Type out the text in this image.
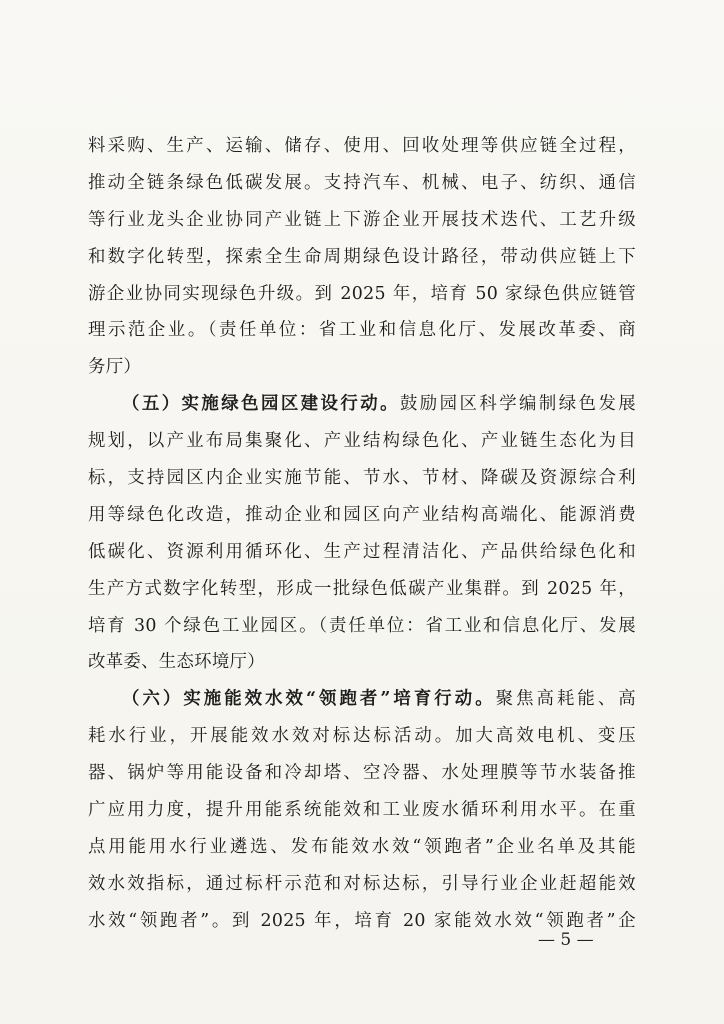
料采购、生产、运输、储存、使用、回收处理等供应链全过程，
推动全链条绿色低碳发展。支持汽车、机械、电子、纺织、通信
等行业龙头企业协同产业链上下游企业开展技术迭代、工艺升级
和数字化转型，探索全生命周期绿色设计路径，带动供应链上下
游企业协同实现绿色升级。到 2025 年，培育 50 家绿色供应链管
理示范企业。（责任单位：省工业和信息化厅、发展改革委、商
务厅）
（五）实施绿色园区建设行动。鼓励园区科学编制绿色发展
规划，以产业布局集聚化、产业结构绿色化、产业链生态化为目
标，支持园区内企业实施节能、节水、节材、降碳及资源综合利
用等绿色化改造，推动企业和园区向产业结构高端化、能源消费
低碳化、资源利用循环化、生产过程清洁化、产品供给绿色化和
生产方式数字化转型，形成一批绿色低碳产业集群。到 2025 年，
培育 30 个绿色工业园区。（责任单位：省工业和信息化厅、发展
改革委、生态环境厅）
（六）实施能效水效“领跑者”培育行动。聚焦高耗能、高
耗水行业，开展能效水效对标达标活动。加大高效电机、变压
器、锅炉等用能设备和冷却塔、空冷器、水处理膜等节水装备推
广应用力度，提升用能系统能效和工业废水循环利用水平。在重
点用能用水行业遴选、发布能效水效“领跑者”企业名单及其能
效水效指标，通过标杆示范和对标达标，引导行业企业赶超能效
水效“领跑者”。到 2025 年，培育 20 家能效水效“领跑者”企
— 5 —
